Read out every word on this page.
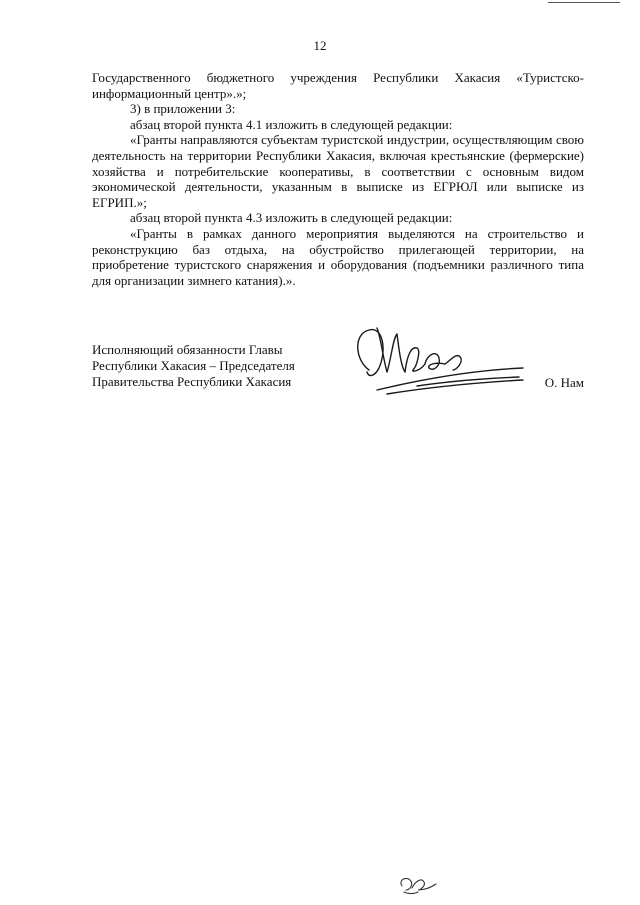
12

Государственного бюджетного учреждения Республики Хакасия «Туристско-информационный центр».»;

3) в приложении 3:

абзац второй пункта 4.1 изложить в следующей редакции:

«Гранты направляются субъектам туристской индустрии, осуществляющим свою деятельность на территории Республики Хакасия, включая крестьянские (фермерские) хозяйства и потребительские кооперативы, в соответствии с основным видом экономической деятельности, указанным в выписке из ЕГРЮЛ или выписке из ЕГРИП.»;

абзац второй пункта 4.3 изложить в следующей редакции:

«Гранты в рамках данного мероприятия выделяются на строительство и реконструкцию баз отдыха, на обустройство прилегающей территории, на приобретение туристского снаряжения и оборудования (подъемники различного типа для организации зимнего катания).».

Исполняющий обязанности Главы
Республики Хакасия – Председателя
Правительства Республики Хакасия	О. Нам
